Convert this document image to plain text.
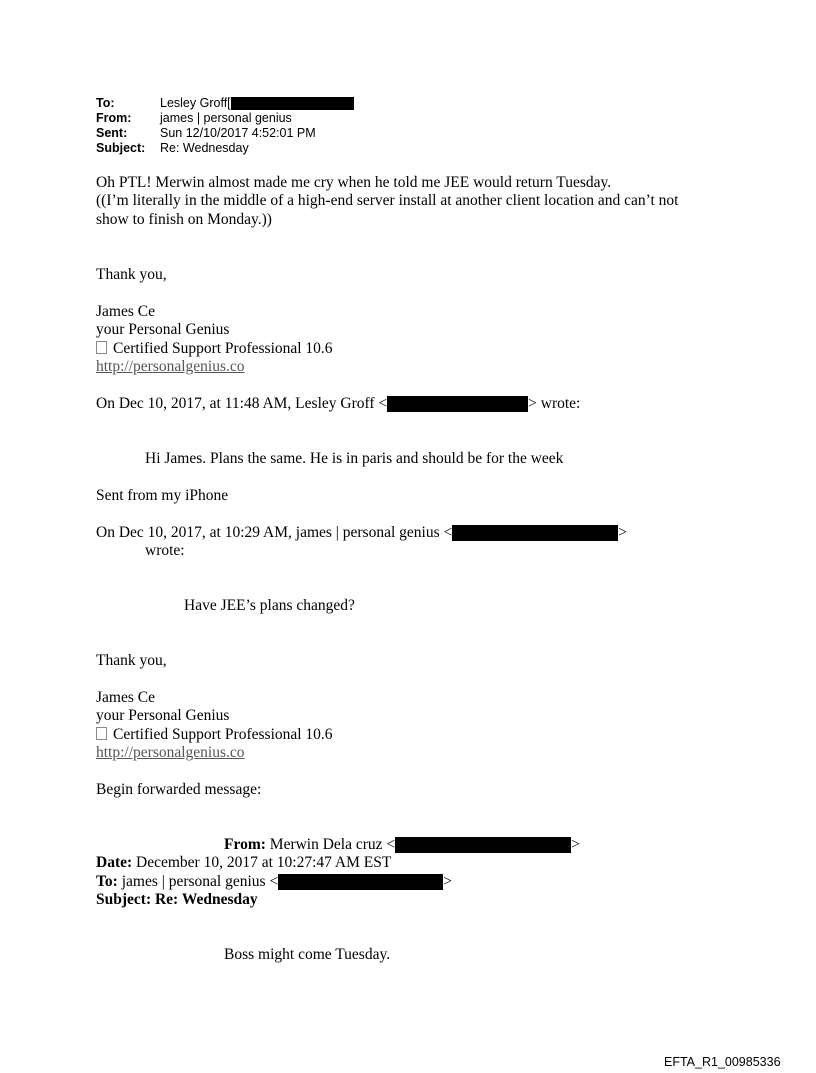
To:	Lesley Groff[
From: james | personal genius
Sent:	Sun 12/10/2017 4:52:01 PM
Subject: Re: Wednesday
Oh PTL! Merwin almost made me cry when he told me JEE would return Tuesday.
((I’m literally in the middle of a high-end server install at another client location and can’t not
show to finish on Monday.))
Thank you,
James Ce
your Personal Genius
Certified Support Professional 10.6
http://personalgenius.co
On Dec 10, 2017, at 11:48 AM, Lesley Groff <	> wrote:
Hi James. Plans the same. He is in paris and should be for the week
Sent from my iPhone
On Dec 10, 2017, at 10:29 AM, james | personal genius <	>
wrote:
Have JEE’s plans changed?
Thank you,
James Ce
your Personal Genius
Certified Support Professional 10.6
http://personalgenius.co
Begin forwarded message:
From: Merwin Dela cruz <	>
Date: December 10, 2017 at 10:27:47 AM EST
To: james | personal genius <	>
Subject: Re: Wednesday
Boss might come Tuesday.
EFTA_R1_00985336
